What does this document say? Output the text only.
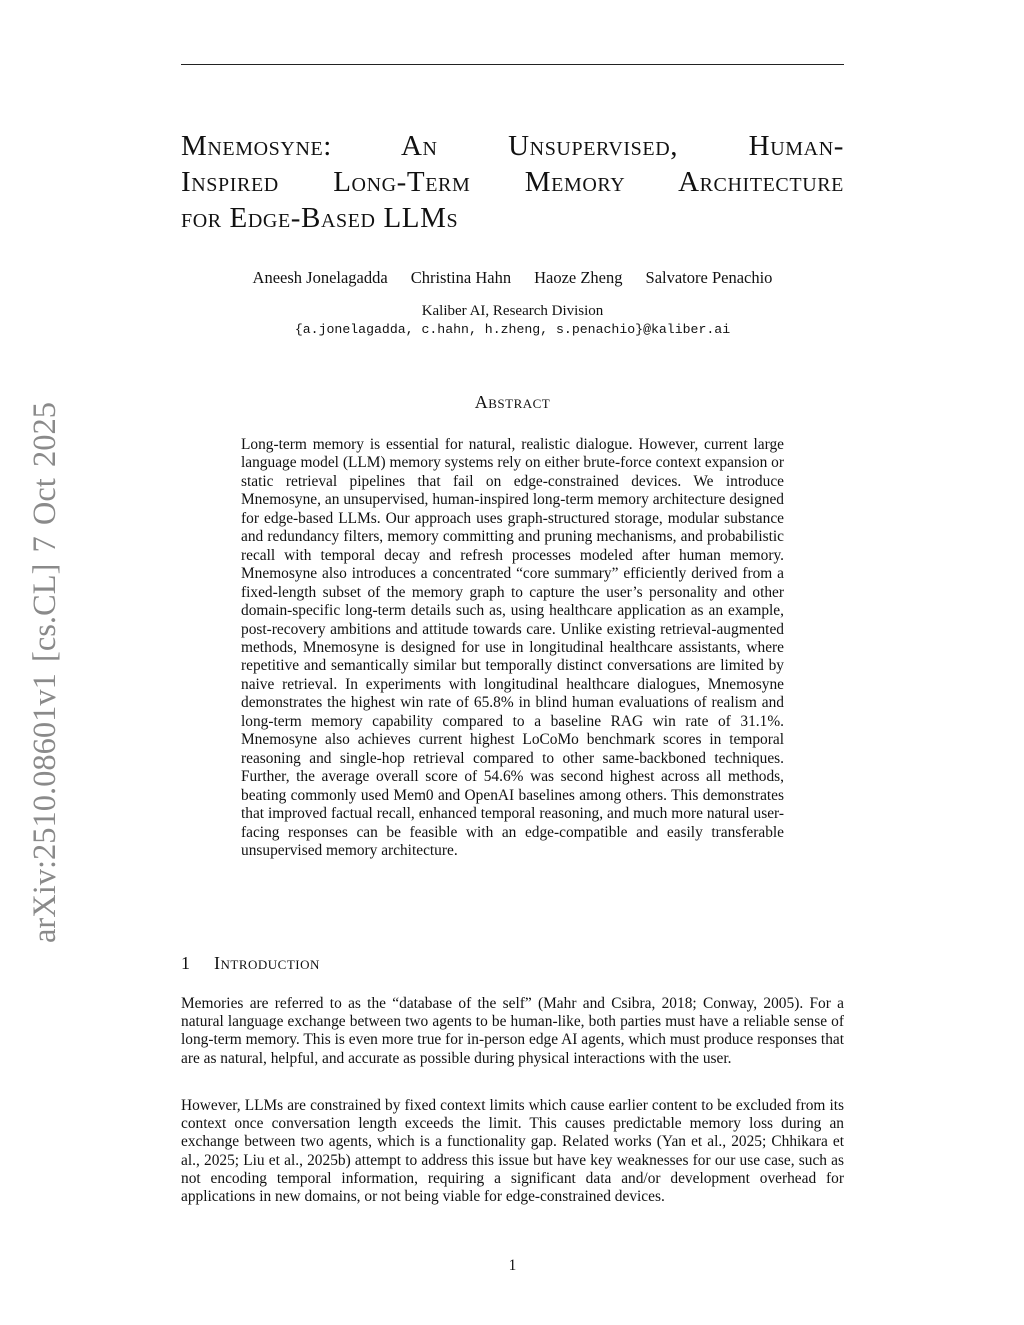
Mnemosyne: An Unsupervised, Human-
Inspired Long-Term Memory Architecture
for Edge-Based LLMs
Aneesh Jonelagadda Christina Hahn Haoze Zheng Salvatore Penachio
Kaliber AI, Research Division
{a.jonelagadda, c.hahn, h.zheng, s.penachio}@kaliber.ai
arXiv:2510.08601v1 [cs.CL] 7 Oct 2025
Abstract

Long-term memory is essential for natural, realistic dialogue. However, current large language model (LLM) memory systems rely on either brute-force context expansion or static retrieval pipelines that fail on edge-constrained devices. We introduce Mnemosyne, an unsupervised, human-inspired long-term memory architecture designed for edge-based LLMs. Our approach uses graph-structured storage, modular substance and redundancy filters, memory committing and pruning mechanisms, and probabilistic recall with temporal decay and refresh processes modeled after human memory. Mnemosyne also introduces a concentrated “core summary” efficiently derived from a fixed-length subset of the memory graph to capture the user’s personality and other domain-specific long-term details such as, using healthcare application as an example, post-recovery ambitions and attitude towards care. Unlike existing retrieval-augmented methods, Mnemosyne is designed for use in longitudinal healthcare assistants, where repetitive and semantically similar but temporally distinct conversations are limited by naive retrieval. In experiments with longitudinal healthcare dialogues, Mnemosyne demonstrates the highest win rate of 65.8% in blind human evaluations of realism and long-term memory capability compared to a baseline RAG win rate of 31.1%. Mnemosyne also achieves current highest LoCoMo benchmark scores in temporal reasoning and single-hop retrieval compared to other same-backboned techniques. Further, the average overall score of 54.6% was second highest across all methods, beating commonly used Mem0 and OpenAI baselines among others. This demonstrates that improved factual recall, enhanced temporal reasoning, and much more natural user-facing responses can be feasible with an edge-compatible and easily transferable unsupervised memory architecture.

1 Introduction

Memories are referred to as the “database of the self” (Mahr and Csibra, 2018; Conway, 2005). For a natural language exchange between two agents to be human-like, both parties must have a reliable sense of long-term memory. This is even more true for in-person edge AI agents, which must produce responses that are as natural, helpful, and accurate as possible during physical interactions with the user.

However, LLMs are constrained by fixed context limits which cause earlier content to be excluded from its context once conversation length exceeds the limit. This causes predictable memory loss during an exchange between two agents, which is a functionality gap. Related works (Yan et al., 2025; Chhikara et al., 2025; Liu et al., 2025b) attempt to address this issue but have key weaknesses for our use case, such as not encoding temporal information, requiring a significant data and/or development overhead for applications in new domains, or not being viable for edge-constrained devices.

1
